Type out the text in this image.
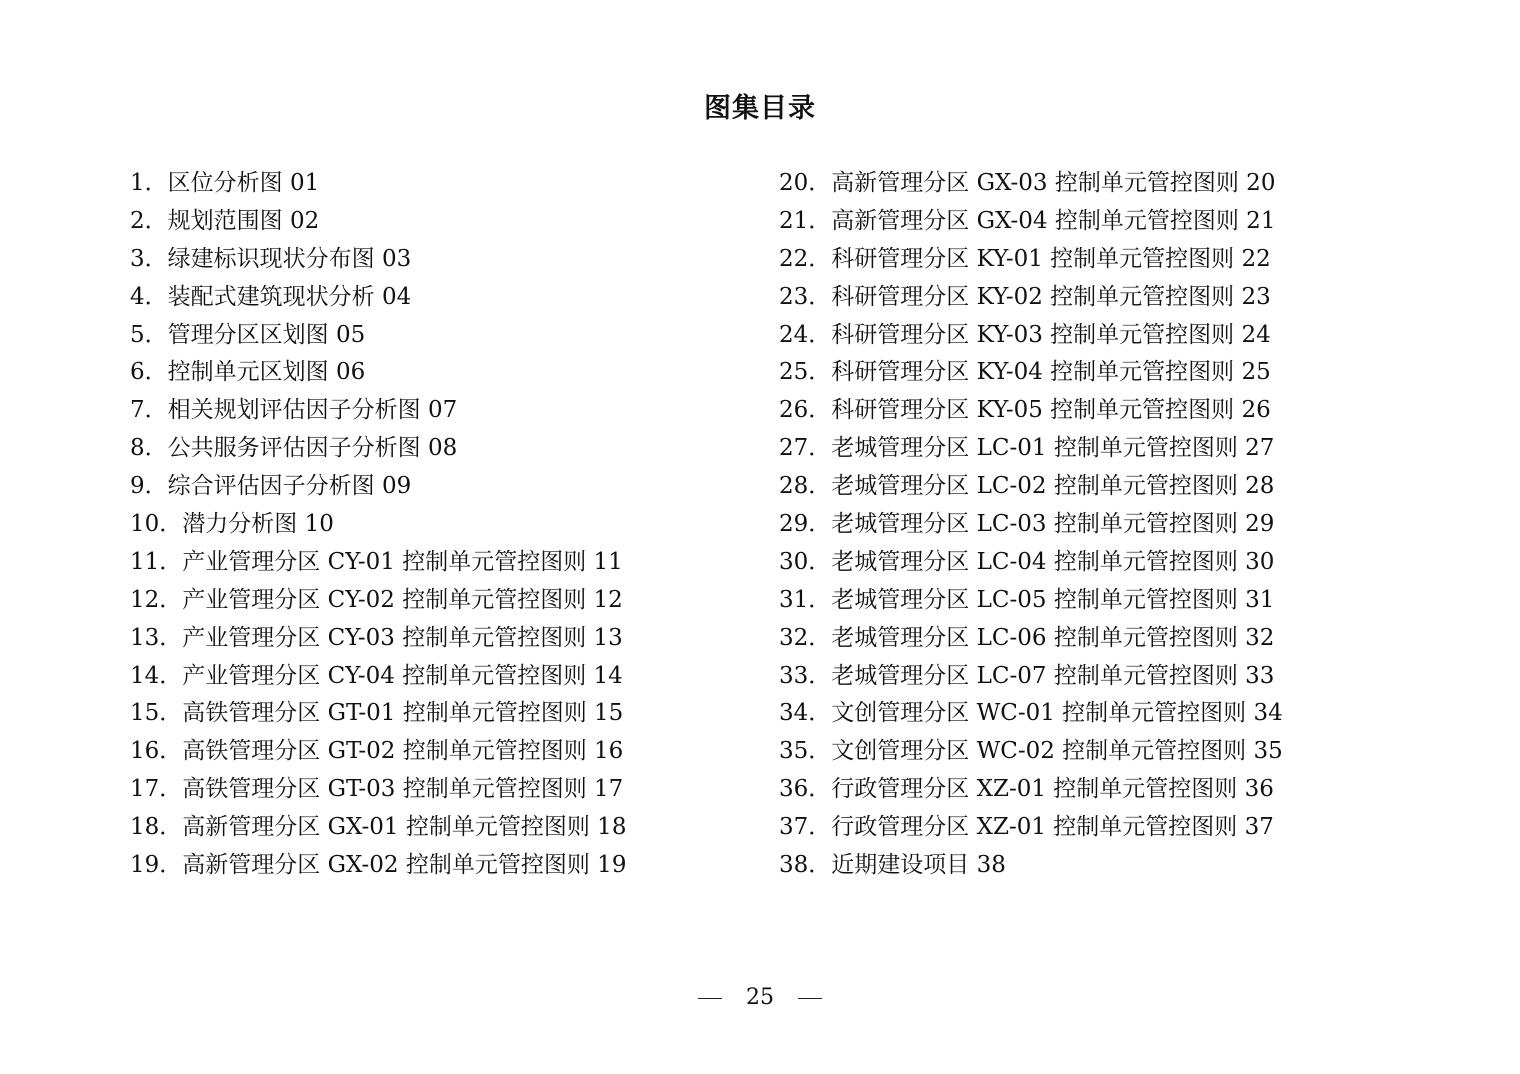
图集目录
1．区位分析图 01
2．规划范围图 02
3．绿建标识现状分布图 03
4．装配式建筑现状分析 04
5．管理分区区划图 05
6．控制单元区划图 06
7．相关规划评估因子分析图 07
8．公共服务评估因子分析图 08
9．综合评估因子分析图 09
10．潜力分析图 10
11．产业管理分区 CY-01 控制单元管控图则 11
12．产业管理分区 CY-02 控制单元管控图则 12
13．产业管理分区 CY-03 控制单元管控图则 13
14．产业管理分区 CY-04 控制单元管控图则 14
15．高铁管理分区 GT-01 控制单元管控图则 15
16．高铁管理分区 GT-02 控制单元管控图则 16
17．高铁管理分区 GT-03 控制单元管控图则 17
18．高新管理分区 GX-01 控制单元管控图则 18
19．高新管理分区 GX-02 控制单元管控图则 19
20．高新管理分区 GX-03 控制单元管控图则 20
21．高新管理分区 GX-04 控制单元管控图则 21
22．科研管理分区 KY-01 控制单元管控图则 22
23．科研管理分区 KY-02 控制单元管控图则 23
24．科研管理分区 KY-03 控制单元管控图则 24
25．科研管理分区 KY-04 控制单元管控图则 25
26．科研管理分区 KY-05 控制单元管控图则 26
27．老城管理分区 LC-01 控制单元管控图则 27
28．老城管理分区 LC-02 控制单元管控图则 28
29．老城管理分区 LC-03 控制单元管控图则 29
30．老城管理分区 LC-04 控制单元管控图则 30
31．老城管理分区 LC-05 控制单元管控图则 31
32．老城管理分区 LC-06 控制单元管控图则 32
33．老城管理分区 LC-07 控制单元管控图则 33
34．文创管理分区 WC-01 控制单元管控图则 34
35．文创管理分区 WC-02 控制单元管控图则 35
36．行政管理分区 XZ-01 控制单元管控图则 36
37．行政管理分区 XZ-01 控制单元管控图则 37
38．近期建设项目 38
25
